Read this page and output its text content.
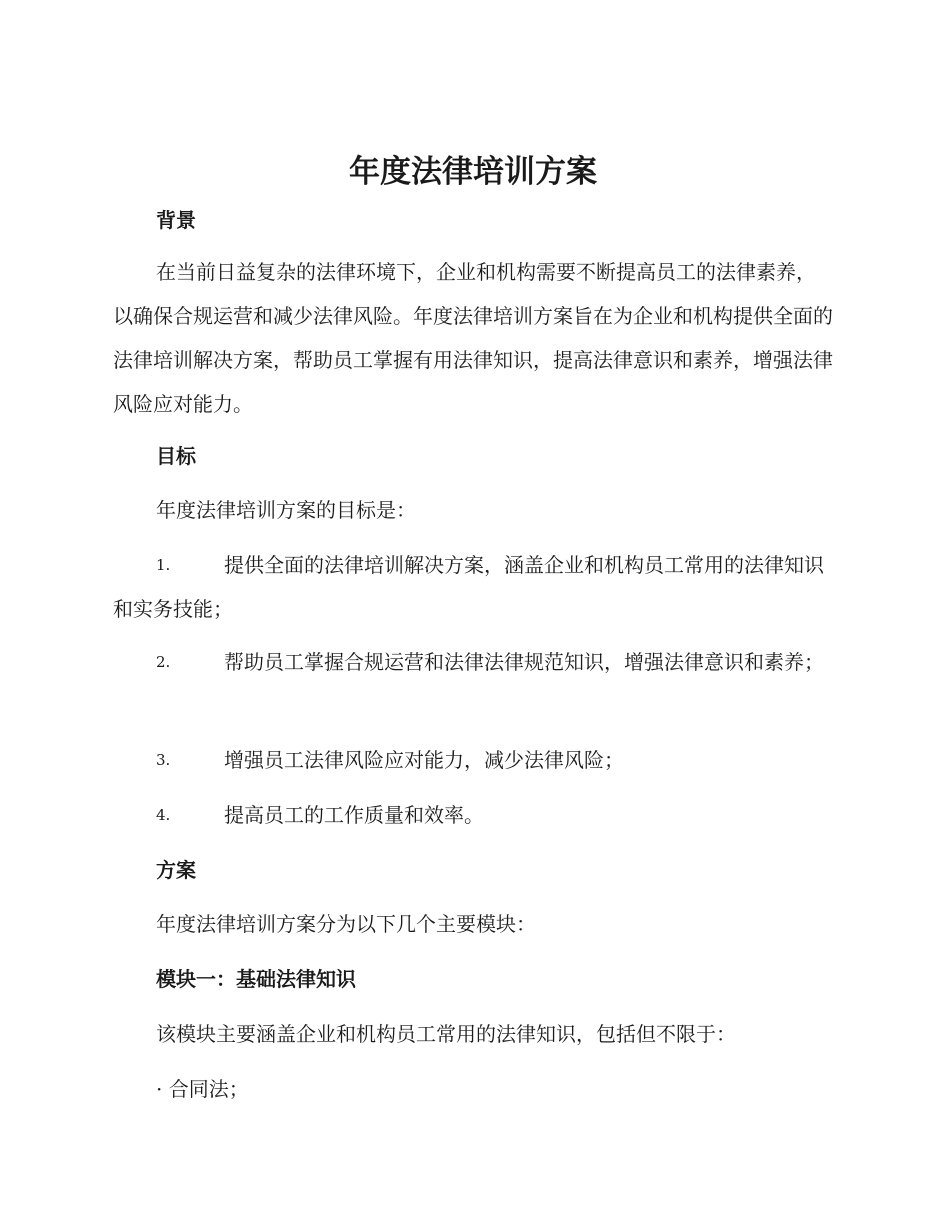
年度法律培训方案
背景

在当前日益复杂的法律环境下，企业和机构需要不断提高员工的法律素养，以确保合规运营和减少法律风险。年度法律培训方案旨在为企业和机构提供全面的法律培训解决方案，帮助员工掌握有用法律知识，提高法律意识和素养，增强法律风险应对能力。

目标

年度法律培训方案的目标是：

1.	提供全面的法律培训解决方案，涵盖企业和机构员工常用的法律知识和实务技能；

2.	帮助员工掌握合规运营和法律法律规范知识，增强法律意识和素养；

3.	增强员工法律风险应对能力，减少法律风险；

4.	提高员工的工作质量和效率。

方案

年度法律培训方案分为以下几个主要模块：

模块一：基础法律知识

该模块主要涵盖企业和机构员工常用的法律知识，包括但不限于：

· 合同法；
